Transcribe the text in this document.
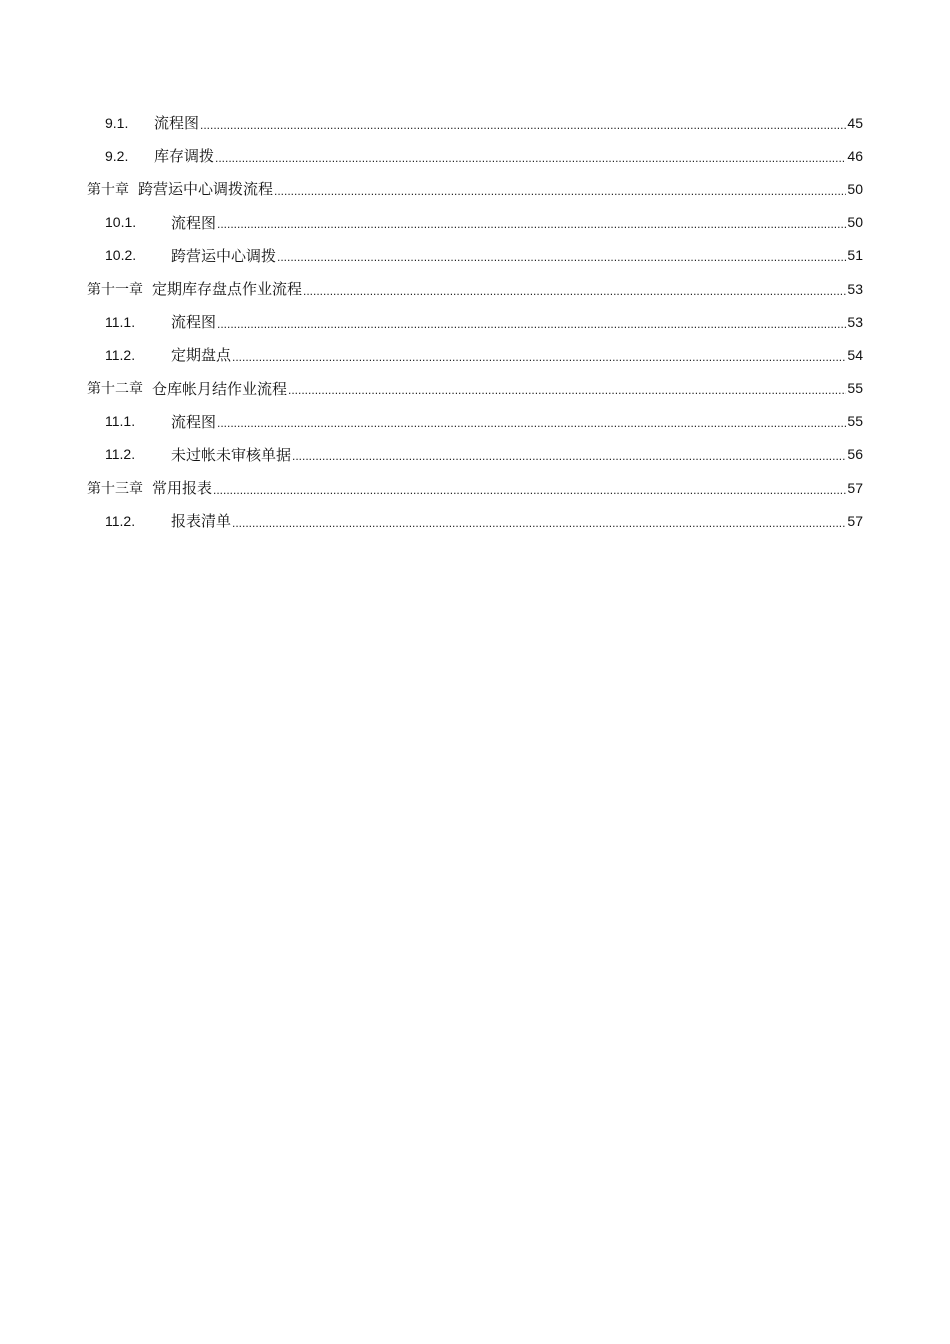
9.1.	流程图 .....	45
9.2.	库存调拨 .....	46
第十章 跨营运中心调拨流程 .....	50
10.1.	流程图 .....	50
10.2.	跨营运中心调拨 .....	51
第十一章 定期库存盘点作业流程 .....	53
11.1.	流程图 .....	53
11.2.	定期盘点 .....	54
第十二章 仓库帐月结作业流程 .....	55
11.1.	流程图 .....	55
11.2.	未过帐未审核单据 .....	56
第十三章 常用报表 .....	57
11.2.	报表清单 .....	57
